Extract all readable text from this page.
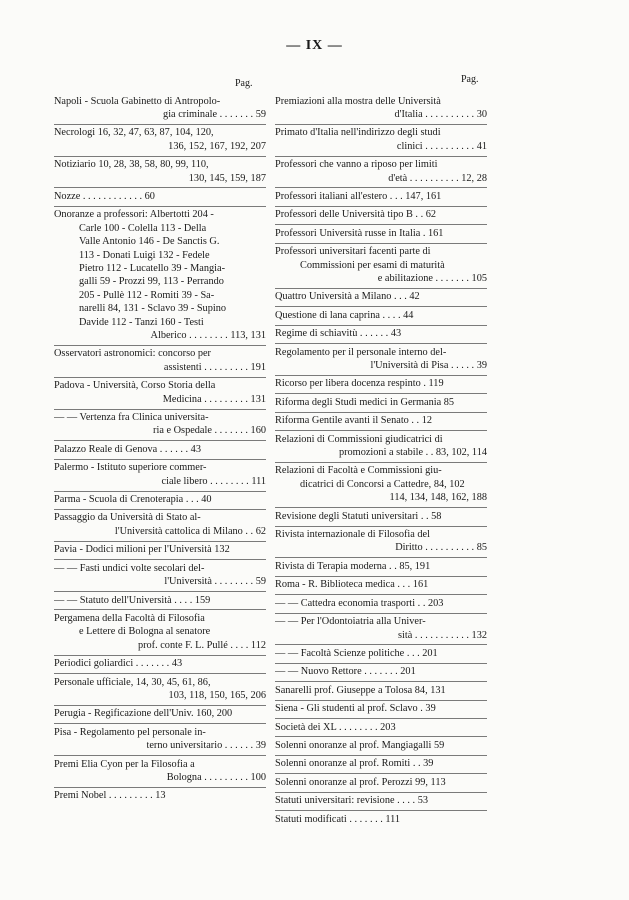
— IX —
Pag.	Pag.
Napoli - Scuola Gabinetto di Antropolo-
gia criminale . . . . . . . 59
Necrologi 16, 32, 47, 63, 87, 104, 120,
136, 152, 167, 192, 207
Notiziario 10, 28, 38, 58, 80, 99, 110,
130, 145, 159, 187
Nozze . . . . . . . . . . . . 60
Onoranze a professori: Albertotti 204 -
Carle 100 - Colella 113 - Della
Valle Antonio 146 - De Sanctis G.
113 - Donati Luigi 132 - Fedele
Pietro 112 - Lucatello 39 - Mangia-
galli 59 - Prozzi 99, 113 - Perrando
205 - Pullè 112 - Romiti 39 - Sa-
narelli 84, 131 - Sclavo 39 - Supino
Davide 112 - Tanzi 160 - Testi
Alberico . . . . . . . . 113, 131
Osservatori astronomici: concorso per
assistenti . . . . . . . . . 191
Padova - Università, Corso Storia della
Medicina . . . . . . . . . 131
— — Vertenza fra Clinica universita-
ria e Ospedale . . . . . . . 160
Palazzo Reale di Genova . . . . . . 43
Palermo - Istituto superiore commer-
ciale libero . . . . . . . . 111
Parma - Scuola di Crenoterapia . . . 40
Passaggio da Università di Stato al-
l'Università cattolica di Milano . . 62
Pavia - Dodici milioni per l'Università 132
— — Fasti undici volte secolari del-
l'Università . . . . . . . . 59
— — Statuto dell'Università . . . . 159
Pergamena della Facoltà di Filosofia
e Lettere di Bologna al senatore
prof. conte F. L. Pullé . . . . 112
Periodici goliardici . . . . . . . 43
Personale ufficiale, 14, 30, 45, 61, 86,
103, 118, 150, 165, 206
Perugia - Regificazione dell'Univ. 160, 200
Pisa - Regolamento pel personale in-
terno universitario . . . . . . 39
Premi Elia Cyon per la Filosofia a
Bologna . . . . . . . . . 100
Premi Nobel . . . . . . . . . 13
Premiazioni alla mostra delle Università
d'Italia . . . . . . . . . . 30
Primato d'Italia nell'indirizzo degli studi
clinici . . . . . . . . . . 41
Professori che vanno a riposo per limiti
d'età . . . . . . . . . . 12, 28
Professori italiani all'estero . . . 147, 161
Professori delle Università tipo B . . 62
Professori Università russe in Italia . 161
Professori universitari facenti parte di
Commissioni per esami di maturità
e abilitazione . . . . . . . 105
Quattro Università a Milano . . . 42
Questione di lana caprina . . . . 44
Regime di schiavitù . . . . . . 43
Regolamento per il personale interno del-
l'Università di Pisa . . . . . 39
Ricorso per libera docenza respinto . 119
Riforma degli Studi medici in Germania 85
Riforma Gentile avanti il Senato . . 12
Relazioni di Commissioni giudicatrici di
promozioni a stabile . . 83, 102, 114
Relazioni di Facoltà e Commissioni giu-
dicatrici di Concorsi a Cattedre, 84, 102
114, 134, 148, 162, 188
Revisione degli Statuti universitari . . 58
Rivista internazionale di Filosofia del
Diritto . . . . . . . . . . 85
Rivista di Terapia moderna . . 85, 191
Roma - R. Biblioteca medica . . . 161
— — Cattedra economia trasporti . . 203
— — Per l'Odontoiatria alla Univer-
sità . . . . . . . . . . . 132
— — Facoltà Scienze politiche . . . 201
— — Nuovo Rettore . . . . . . . 201
Sanarelli prof. Giuseppe a Tolosa 84, 131
Siena - Gli studenti al prof. Sclavo . 39
Società dei XL . . . . . . . . 203
Solenni onoranze al prof. Mangiagalli 59
Solenni onoranze al prof. Romiti . . 39
Solenni onoranze al prof. Perozzi 99, 113
Statuti universitari: revisione . . . . 53
Statuti modificati . . . . . . . 111
